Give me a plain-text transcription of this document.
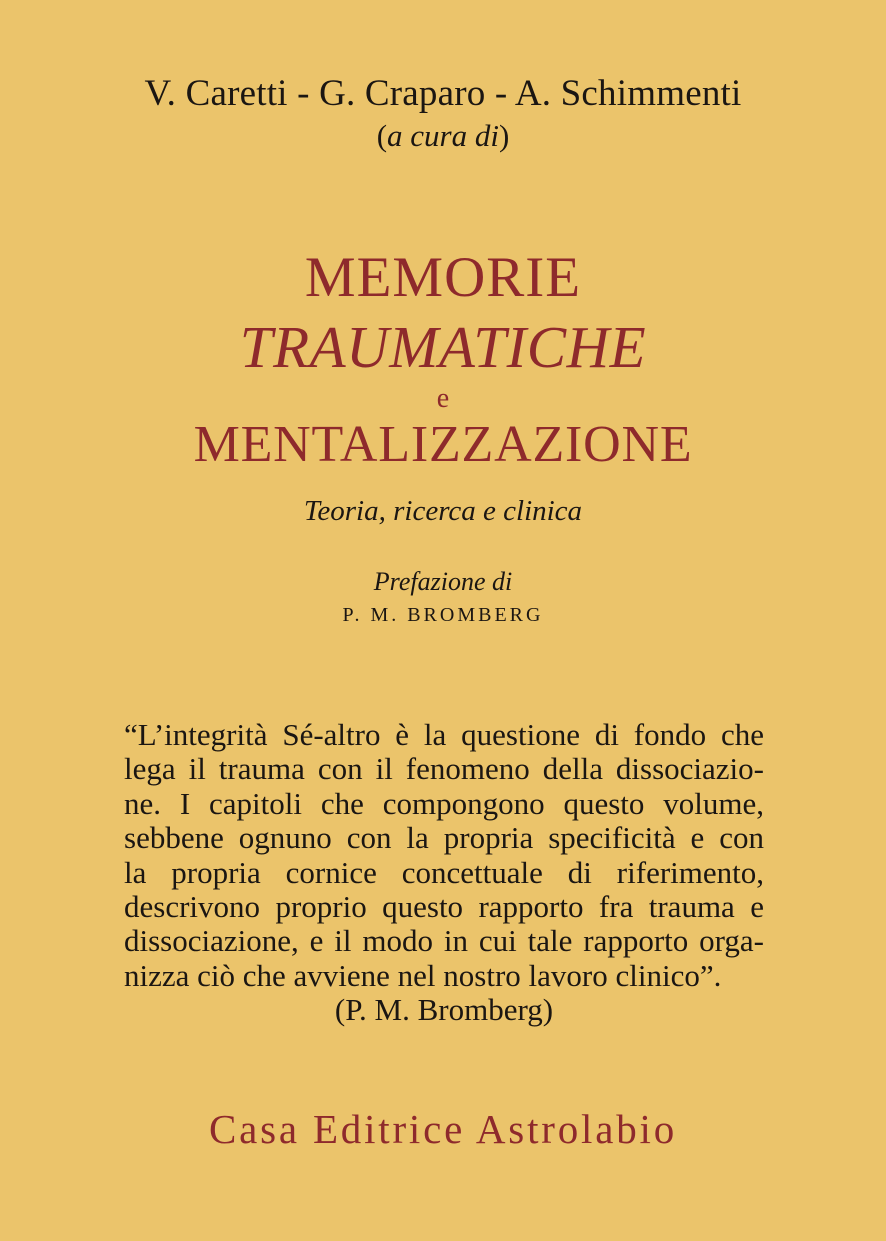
V. Caretti - G. Craparo - A. Schimmenti
(a cura di)
MEMORIE
TRAUMATICHE
e
MENTALIZZAZIONE
Teoria, ricerca e clinica
Prefazione di
P. M. BROMBERG
“L’integrità Sé-altro è la questione di fondo che
lega il trauma con il fenomeno della dissociazio-
ne. I capitoli che compongono questo volume,
sebbene ognuno con la propria specificità e con
la propria cornice concettuale di riferimento,
descrivono proprio questo rapporto fra trauma e
dissociazione, e il modo in cui tale rapporto orga-
nizza ciò che avviene nel nostro lavoro clinico”.
(P. M. Bromberg)
Casa Editrice Astrolabio
